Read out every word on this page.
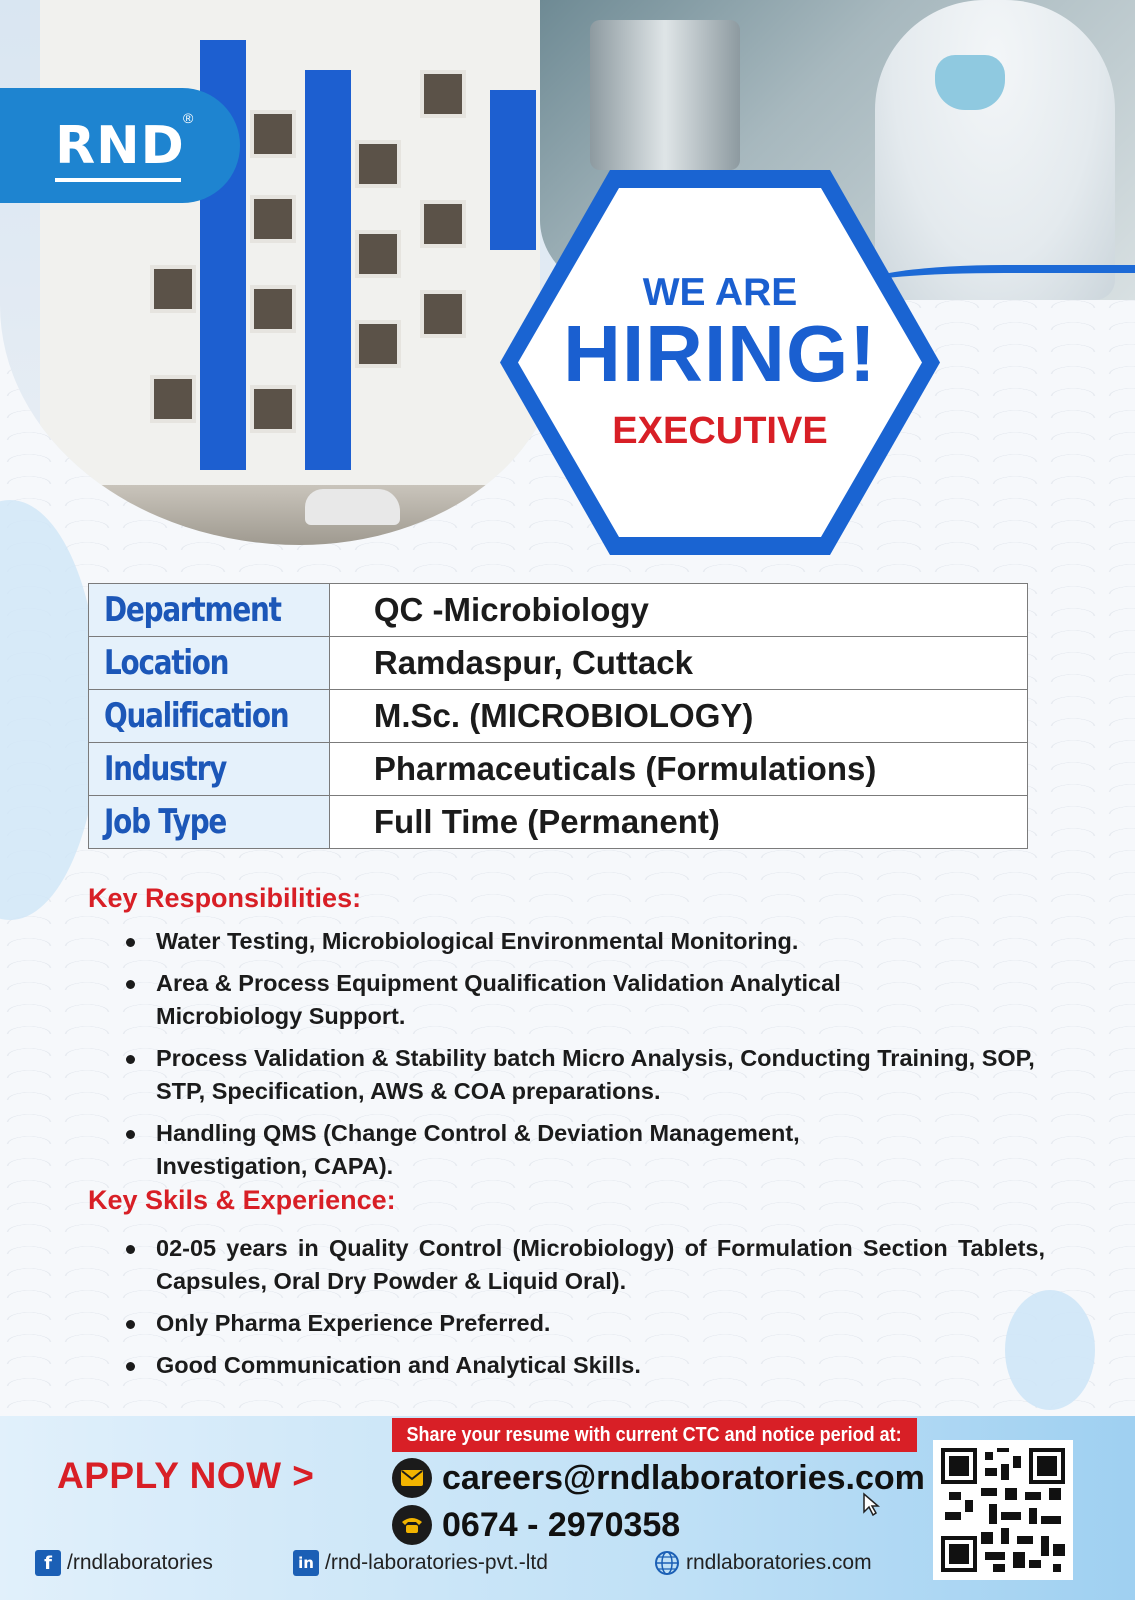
RND
®
WE ARE
HIRING!
EXECUTIVE
Department	QC -Microbiology
Location	Ramdaspur, Cuttack
Qualification	M.Sc. (MICROBIOLOGY)
Industry	Pharmaceuticals (Formulations)
Job Type	Full Time (Permanent)
Key Responsibilities:
Water Testing, Microbiological Environmental Monitoring.
Area & Process Equipment Qualification Validation Analytical Microbiology Support.
Process Validation & Stability batch Micro Analysis, Conducting Training, SOP, STP, Specification, AWS & COA preparations.
Handling QMS (Change Control & Deviation Management, Investigation, CAPA).
Key Skils & Experience:
02-05 years in Quality Control (Microbiology) of Formulation Section Tablets, Capsules, Oral Dry Powder & Liquid Oral).
Only Pharma Experience Preferred.
Good Communication and Analytical Skills.
Share your resume with current CTC and notice period at:
APPLY NOW >	careers@rndlaboratories.com
0674 - 2970358
f /rndlaboratories	in /rnd-laboratories-pvt.-ltd	rndlaboratories.com
